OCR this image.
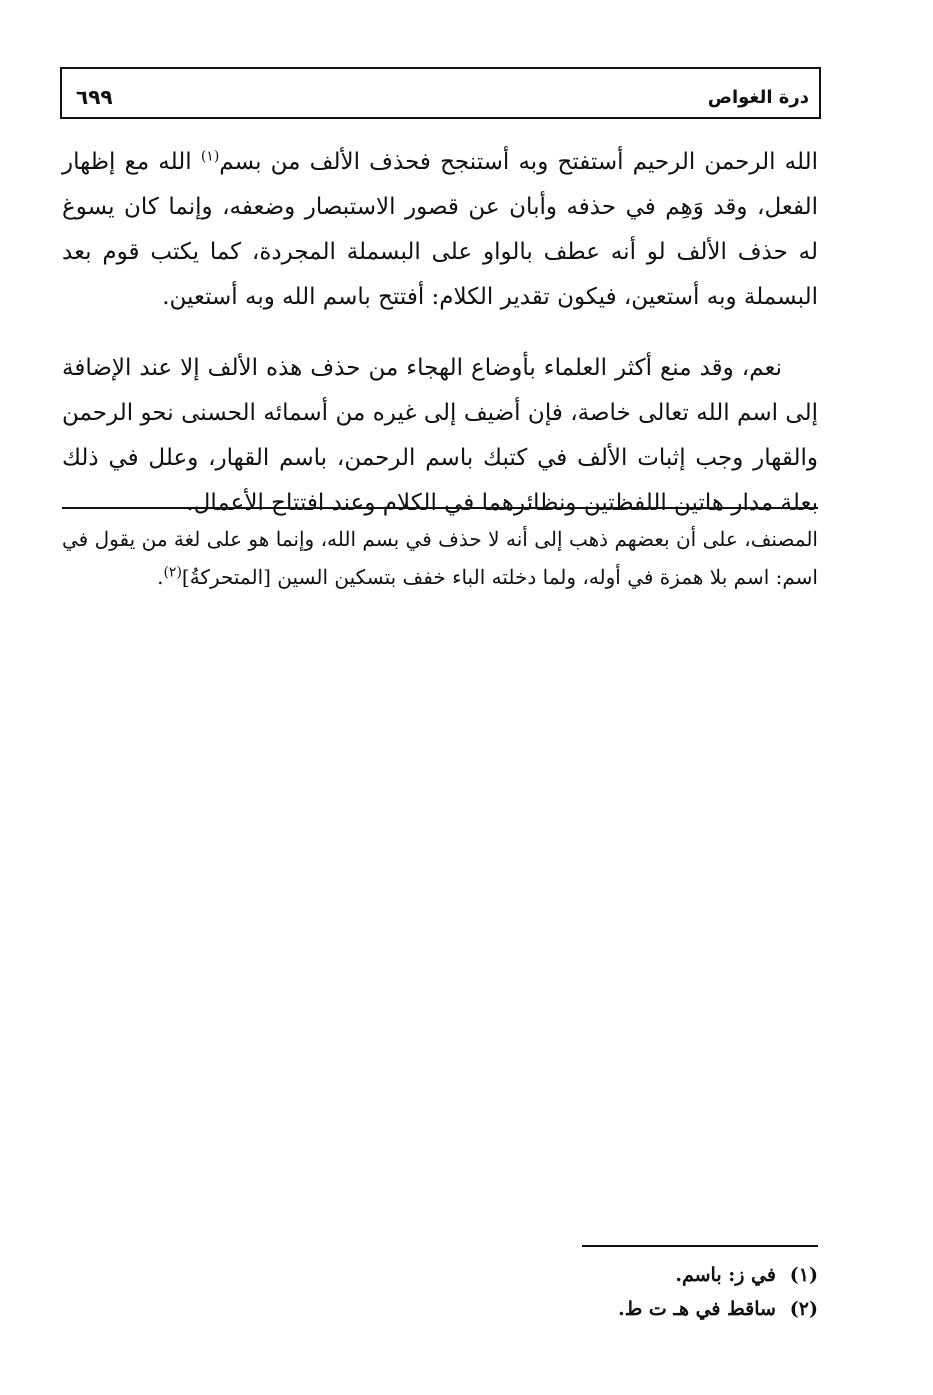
درة الغواص
٦٩٩

الله الرحمن الرحيم أستفتح وبه أستنجح فحذف الألف من بسم$^{(١)}$ الله مع إظهار الفعل، وقد وَهِم في حذفه وأبان عن قصور الاستبصار وضعفه، وإنما كان يسوغ له حذف الألف لو أنه عطف بالواو على البسملة المجردة، كما يكتب قوم بعد البسملة وبه أستعين، فيكون تقدير الكلام: أفتتح باسم الله وبه أستعين.

نعم، وقد منع أكثر العلماء بأوضاع الهجاء من حذف هذه الألف إلا عند الإضافة إلى اسم الله تعالى خاصة، فإن أضيف إلى غيره من أسمائه الحسنى نحو الرحمن والقهار وجب إثبات الألف في كتبك باسم الرحمن، باسم القهار، وعلل في ذلك بعلة مدار هاتين اللفظتين ونظائرهما في الكلام وعند افتتاح الأعمال.

المصنف، على أن بعضهم ذهب إلى أنه لا حذف في بسم الله، وإنما هو على لغة من يقول في اسم: اسم بلا همزة في أوله، ولما دخلته الباء خفف بتسكين السين [المتحركةُ]$^{(٢)}$.

(١) في ز: باسم.
(٢) ساقط في هـ ت ط.
